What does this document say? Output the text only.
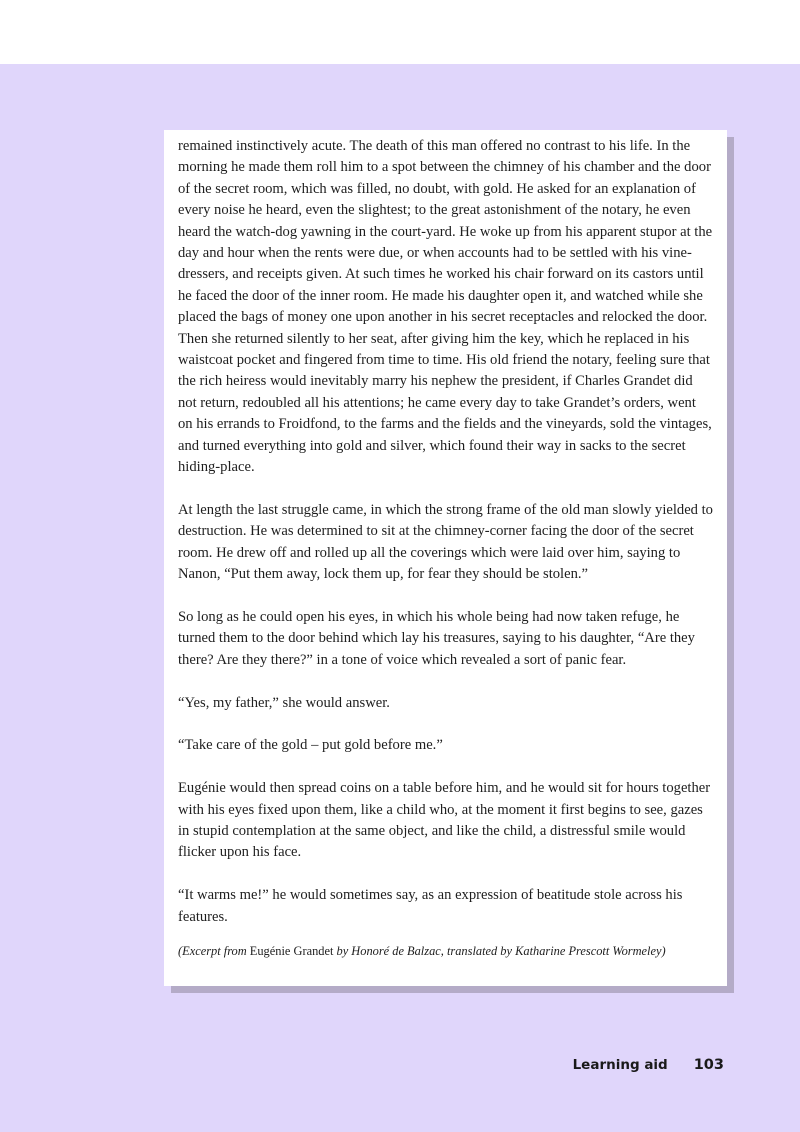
remained instinctively acute. The death of this man offered no contrast to his life. In the morning he made them roll him to a spot between the chimney of his chamber and the door of the secret room, which was filled, no doubt, with gold. He asked for an explanation of every noise he heard, even the slightest; to the great astonishment of the notary, he even heard the watch-dog yawning in the court-yard. He woke up from his apparent stupor at the day and hour when the rents were due, or when accounts had to be settled with his vine-dressers, and receipts given. At such times he worked his chair forward on its castors until he faced the door of the inner room. He made his daughter open it, and watched while she placed the bags of money one upon another in his secret receptacles and relocked the door. Then she returned silently to her seat, after giving him the key, which he replaced in his waistcoat pocket and fingered from time to time. His old friend the notary, feeling sure that the rich heiress would inevitably marry his nephew the president, if Charles Grandet did not return, redoubled all his attentions; he came every day to take Grandet’s orders, went on his errands to Froidfond, to the farms and the fields and the vineyards, sold the vintages, and turned everything into gold and silver, which found their way in sacks to the secret hiding-place.

At length the last struggle came, in which the strong frame of the old man slowly yielded to destruction. He was determined to sit at the chimney-corner facing the door of the secret room. He drew off and rolled up all the coverings which were laid over him, saying to Nanon, “Put them away, lock them up, for fear they should be stolen.”

So long as he could open his eyes, in which his whole being had now taken refuge, he turned them to the door behind which lay his treasures, saying to his daughter, “Are they there? Are they there?” in a tone of voice which revealed a sort of panic fear.

“Yes, my father,” she would answer.

“Take care of the gold – put gold before me.”

Eugénie would then spread coins on a table before him, and he would sit for hours together with his eyes fixed upon them, like a child who, at the moment it first begins to see, gazes in stupid contemplation at the same object, and like the child, a distressful smile would flicker upon his face.

“It warms me!” he would sometimes say, as an expression of beatitude stole across his features.

(Excerpt from Eugénie Grandet by Honoré de Balzac, translated by Katharine Prescott Wormeley)

Learning aid 103
